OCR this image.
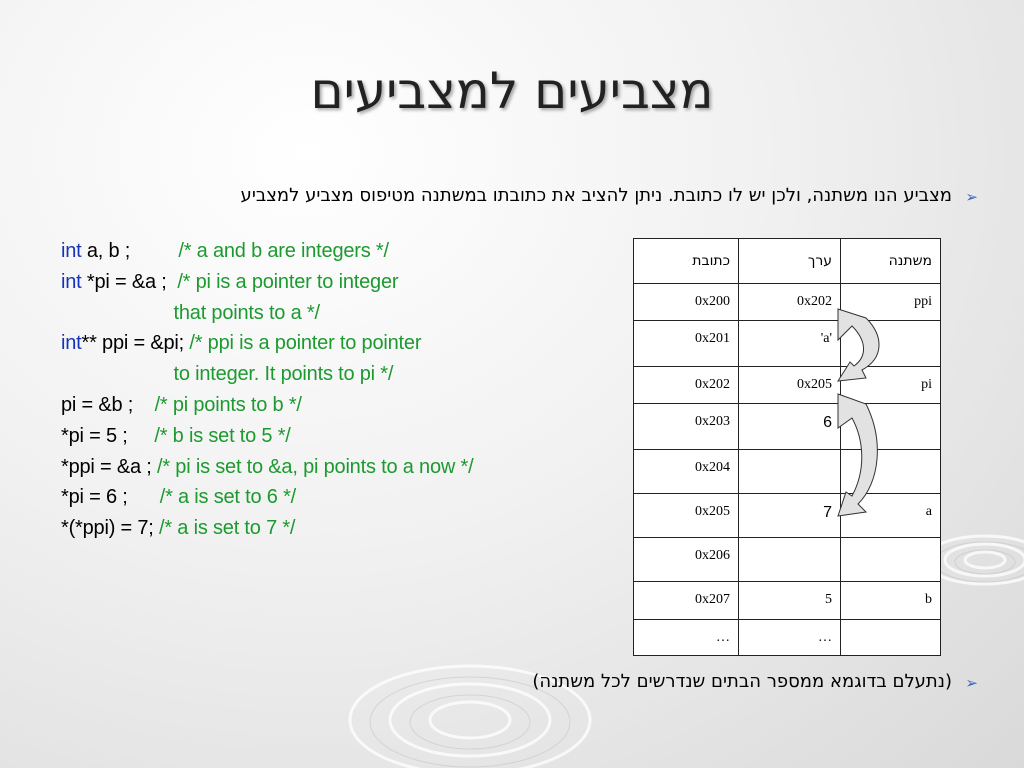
מצביעים למצביעים
➢
מצביע הנו משתנה, ולכן יש לו כתובת. ניתן להציב את כתובתו במשתנה מטיפוס מצביע למצביע
int a, b ;         /* a and b are integers */
int *pi = &a ;  /* pi is a pointer to integer
that points to a */
int** ppi = &pi; /* ppi is a pointer to pointer
to integer. It points to pi */
pi = &b ;    /* pi points to b */
*pi = 5 ;     /* b is set to 5 */
*ppi = &a ; /* pi is set to &a, pi points to a now */
*pi = 6 ;      /* a is set to 6 */
*(*ppi) = 7; /* a is set to 7 */
כתובת	ערך	משתנה
0x200	0x202	ppi
0x201	'a'	
0x202	0x205	pi
0x203	6	
0x204		
0x205	7	a
0x206		
0x207	5	b
…	…	
➢
(נתעלם בדוגמא ממספר הבתים שנדרשים לכל משתנה)
